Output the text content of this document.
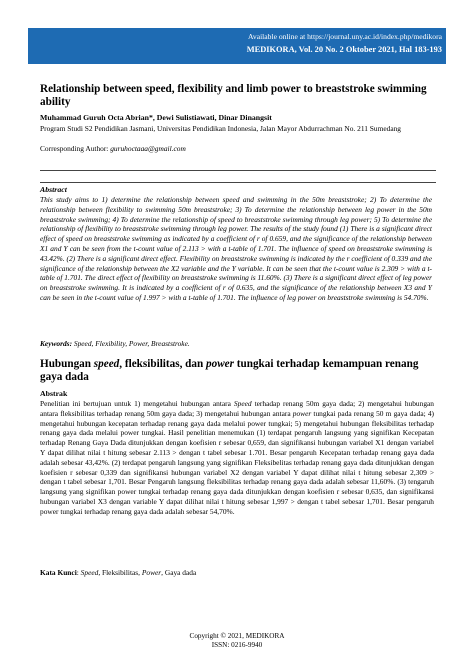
Available online at https://journal.uny.ac.id/index.php/medikora
MEDIKORA, Vol. 20 No. 2 Oktober 2021, Hal 183-193
Relationship between speed, flexibility and limb power to breaststroke swimming ability
Muhammad Guruh Octa Abrian*, Dewi Sulistiawati, Dinar Dinangsit
Program Studi S2 Pendidikan Jasmani, Universitas Pendidikan Indonesia, Jalan Mayor Abdurrachman No. 211 Sumedang
Corresponding Author: guruhoctaaa@gmail.com
Abstract
This study aims to 1) determine the relationship between speed and swimming in the 50m breaststroke; 2) To determine the relationship between flexibility to swimming 50m breaststroke; 3) To determine the relationship between leg power in the 50m breaststroke swimming; 4) To determine the relationship of speed to breaststroke swimming through leg power; 5) To determine the relationship of flexibility to breaststroke swimming through leg power. The results of the study found (1) There is a significant direct effect of speed on breaststroke swimming as indicated by a coefficient of r of 0.659, and the significance of the relationship between X1 and Y can be seen from the t-count value of 2.113 > with a t-table of 1.701. The influence of speed on breaststroke swimming is 43.42%. (2) There is a significant direct effect. Flexibility on breaststroke swimming is indicated by the r coefficient of 0.339 and the significance of the relationship between the X2 variable and the Y variable. It can be seen that the t-count value is 2.309 > with a t-table of 1.701. The direct effect of flexibility on breaststroke swimming is 11.60%. (3) There is a significant direct effect of leg power on breaststroke swimming. It is indicated by a coefficient of r of 0.635, and the significance of the relationship between X3 and Y can be seen in the t-count value of 1.997 > with a t-table of 1.701. The influence of leg power on breaststroke swimming is 54.70%.
Keywords: Speed, Flexibility, Power, Breaststroke.
Hubungan speed, fleksibilitas, dan power tungkai terhadap kemampuan renang gaya dada
Abstrak
Penelitian ini bertujuan untuk 1) mengetahui hubungan antara Speed terhadap renang 50m gaya dada; 2) mengetahui hubungan antara fleksibilitas terhadap renang 50m gaya dada; 3) mengetahui hubungan antara power tungkai pada renang 50 m gaya dada; 4) mengetahui hubungan kecepatan terhadap renang gaya dada melalui power tungkai; 5) mengetahui hubungan fleksibilitas terhadap renang gaya dada melalui power tungkai. Hasil penelitian menemukan (1) terdapat pengaruh langsung yang signifikan Kecepatan terhadap Renang Gaya Dada ditunjukkan dengan koefisien r sebesar 0,659, dan signifikansi hubungan variabel X1 dengan variabel Y dapat dilihat nilai t hitung sebesar 2.113 > dengan t tabel sebesar 1.701. Besar pengaruh Kecepatan terhadap renang gaya dada adalah sebesar 43,42%. (2) terdapat pengaruh langsung yang signifikan Fleksibelitas terhadap renang gaya dada ditunjukkan dengan koefisien r sebesar 0,339 dan signifikansi hubungan variabel X2 dengan variabel Y dapat dilihat nilai t hitung sebesar 2,309 > dengan t tabel sebesar 1,701. Besar Pengaruh langsung fleksibilitas terhadap renang gaya dada adalah sebesar 11,60%. (3) tengaruh langsung yang signifikan power tungkai terhadap renang gaya dada ditunjukkan dengan koefisien r sebesar 0,635, dan signifikansi hubungan variabel X3 dengan variable Y dapat dilihat nilai t hitung sebesar 1,997 > dengan t tabel sebesar 1,701. Besar pengaruh power tungkai terhadap renang gaya dada adalah sebesar 54,70%.
Kata Kunci: Speed, Fleksibilitas, Power, Gaya dada
Copyright © 2021, MEDIKORA
ISSN: 0216-9940
